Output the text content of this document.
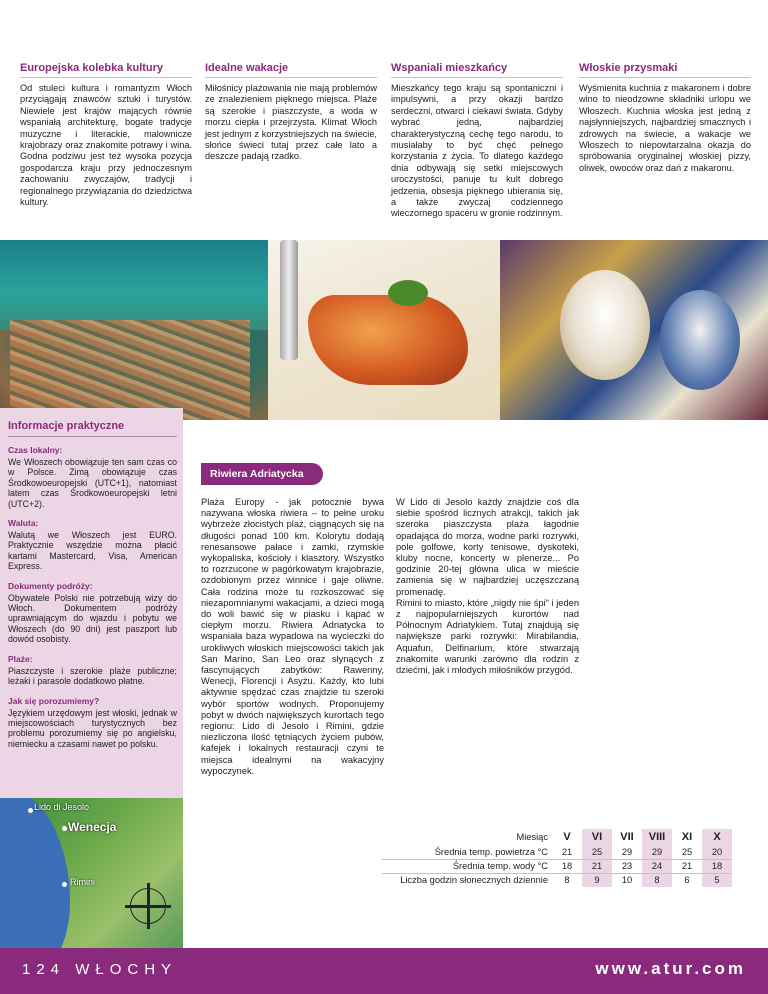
Europejska kolebka kultury

Od stuleci kultura i romantyzm Włoch przyciągają znawców sztuki i turystów. Niewiele jest krajów mających równie wspaniałą architekturę, bogate tradycje muzyczne i literackie, malownicze krajobrazy oraz znakomite potrawy i wina. Godna podziwu jest też wysoka pozycja gospodarcza kraju przy jednoczesnym zachowaniu zwyczajów, tradycji i regionalnego przywiązania do dziedzictwa kultury.

Idealne wakacje

Miłośnicy plażowania nie mają problemów ze znalezieniem pięknego miejsca. Plaże są szerokie i piaszczyste, a woda w morzu ciepła i przejrzysta. Klimat Włoch jest jednym z korzystniejszych na świecie, słońce świeci tutaj przez całe lato a deszcze padają rzadko.

Wspaniali mieszkańcy

Mieszkańcy tego kraju są spontaniczni i impulsywni, a przy okazji bardzo serdeczni, otwarci i ciekawi świata. Gdyby wybrać jedną, najbardziej charakterystyczną cechę tego narodu, to musiałaby to być chęć pełnego korzystania z życia. To dlatego każdego dnia odbywają się setki miejscowych uroczystości, panuje tu kult dobrego jedzenia, obsesja pięknego ubierania się, a także zwyczaj codziennego wieczornego spaceru w gronie rodzinnym.

Włoskie przysmaki

Wyśmienita kuchnia z makaronem i dobre wino to nieodzowne składniki urlopu we Włoszech. Kuchnia włoska jest jedną z najsłynniejszych, najbardziej smacznych i zdrowych na świecie, a wakacje we Włoszech to niepowtarzalna okazja do spróbowania oryginalnej włoskiej pizzy, oliwek, owoców oraz dań z makaronu.

Informacje praktyczne
Czas lokalny:

We Włoszech obowiązuje ten sam czas co w Polsce. Zimą obowiązuje czas Środkowoeuropejski (UTC+1), natomiast latem czas Środkowoeuropejski letni (UTC+2).

Waluta:

Walutą we Włoszech jest EURO. Praktycznie wszędzie można płacić kartami Mastercard, Visa, American Express.

Dokumenty podróży:

Obywatele Polski nie potrzebują wizy do Włoch. Dokumentem podróży uprawniającym do wjazdu i pobytu we Włoszech (do 90 dni) jest paszport lub dowód osobisty.

Plaże:

Piaszczyste i szerokie plaże publiczne; leżaki i parasole dodatkowo płatne.

Jak się porozumiemy?

Językiem urzędowym jest włoski, jednak w miejscowościach turystycznych bez problemu porozumiemy się po angielsku, niemiecku a czasami nawet po polsku.

Riwiera Adriatycka

Plaża Europy - jak potocznie bywa nazywana włoska riwiera – to pełne uroku wybrzeże złocistych plaż, ciągnących się na długości ponad 100 km. Kolorytu dodają renesansowe pałace i zamki, rzymskie wykopaliska, kościoły i klasztory. Wszystko to rozrzucone w pagórkowatym krajobrazie, ozdobionym przez winnice i gaje oliwne. Cała rodzina może tu rozkoszować się niezapomnianymi wakacjami, a dzieci mogą do woli bawić się w piasku i kąpać w ciepłym morzu. Riwiera Adriatycka to wspaniała baza wypadowa na wycieczki do urokliwych włoskich miejscowości takich jak San Marino, San Leo oraz słynących z fascynujących zabytków: Rawenny, Wenecji, Florencji i Asyżu. Każdy, kto lubi aktywnie spędzać czas znajdzie tu szeroki wybór sportów wodnych. Proponujemy pobyt w dwóch największych kurortach tego regionu: Lido di Jesolo i Rimini, gdzie niezliczona ilość tętniących życiem pubów, kafejek i lokalnych restauracji czyni te miejsca idealnymi na wakacyjny wypoczynek.

W Lido di Jesolo każdy znajdzie coś dla siebie spośród licznych atrakcji, takich jak szeroka piaszczysta plaża łagodnie opadająca do morza, wodne parki rozrywki, pole golfowe, korty tenisowe, dyskoteki, kluby nocne, koncerty w plenerze... Po godzinie 20-tej główna ulica w mieście zamienia się w najbardziej uczęszczaną promenadę.

Rimini to miasto, które „nigdy nie śpi" i jeden z najpopularniejszych kurortów nad Północnym Adriatykiem. Tutaj znajdują się największe parki rozrywki: Mirabilandia, Aquafun, Delfinarium, które stwarzają znakomite warunki zarówno dla rodzin z dziećmi, jak i młodych miłośników przygód.

Lido di Jesolo
Wenecja
Rimini
Miesiąc	V	VI	VII	VIII	XI	X
Średnia temp. powietrza °C	21	25	29	29	25	20
Średnia temp. wody °C	18	21	23	24	21	18
Liczba godzin słonecznych dziennie	8	9	10	8	6	5
124 WŁOCHY	www.atur.com
